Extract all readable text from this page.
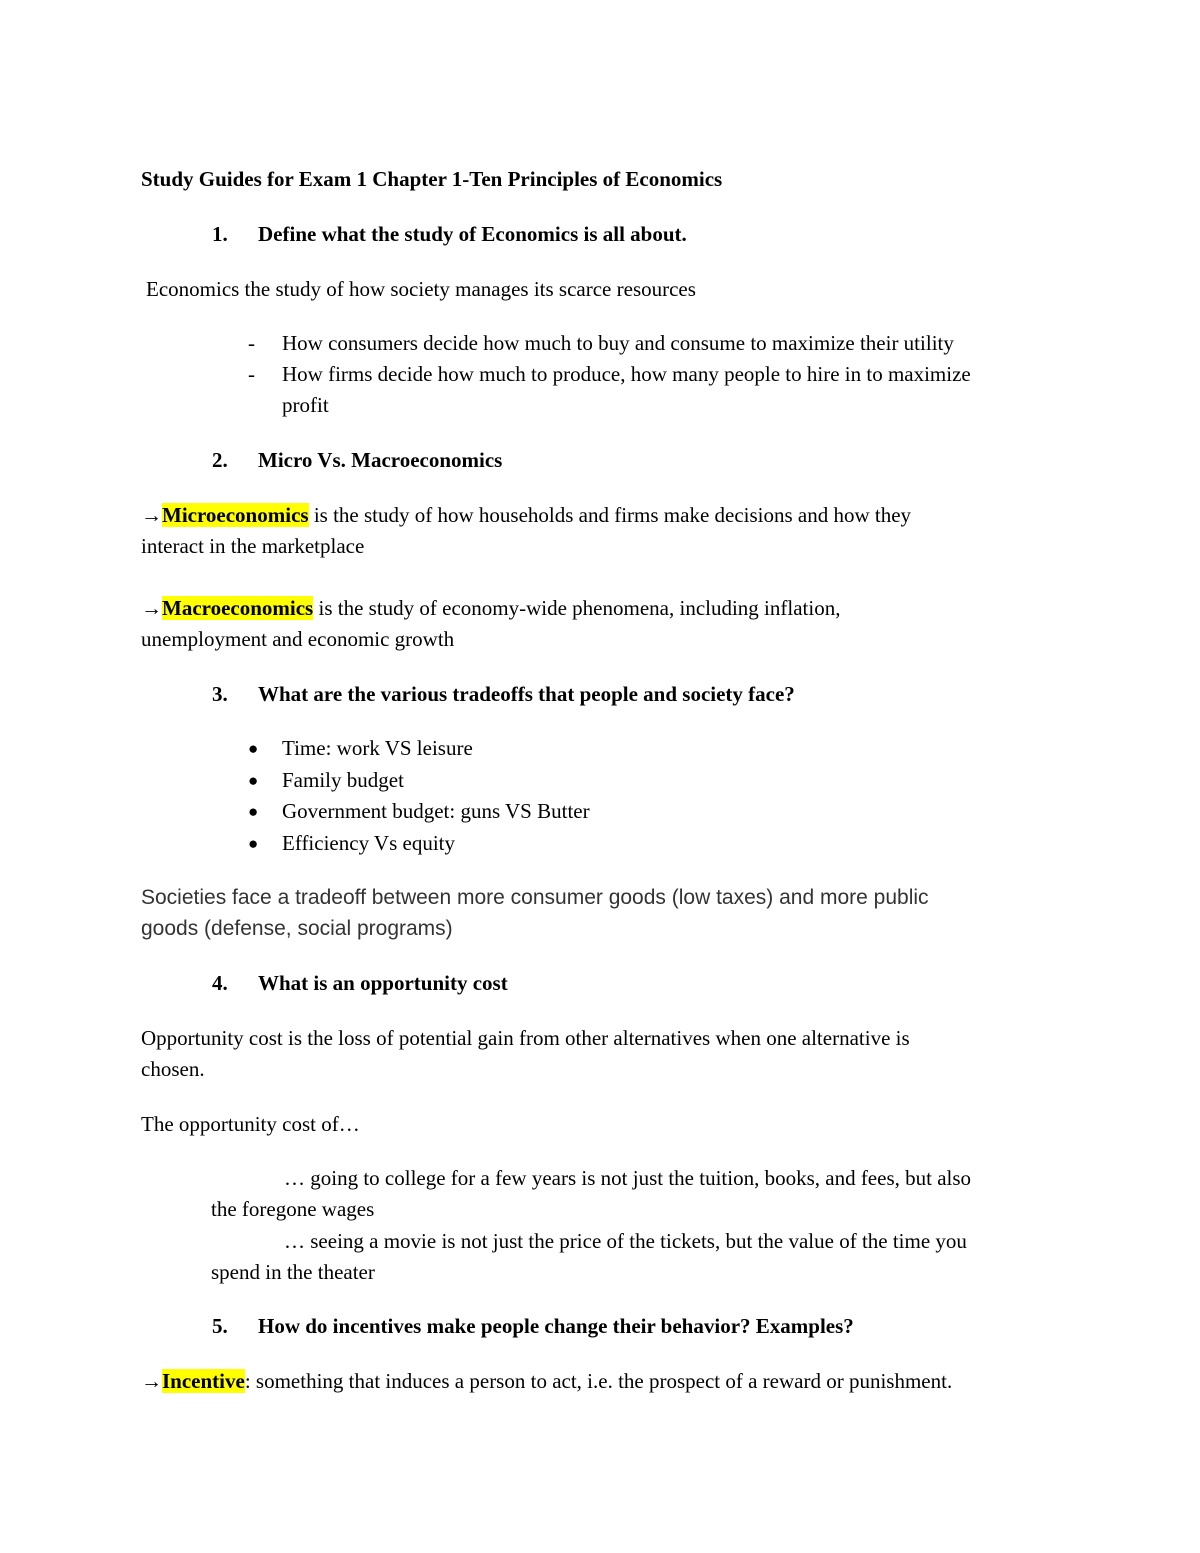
Study Guides for Exam 1 Chapter 1-Ten Principles of Economics
1. Define what the study of Economics is all about.
Economics the study of how society manages its scarce resources
- How consumers decide how much to buy and consume to maximize their utility
- How firms decide how much to produce, how many people to hire in to maximize
profit
2. Micro Vs. Macroeconomics
→Microeconomics is the study of how households and firms make decisions and how they
interact in the marketplace
→Macroeconomics is the study of economy-wide phenomena, including inflation,
unemployment and economic growth
3. What are the various tradeoffs that people and society face?
● Time: work VS leisure
● Family budget
● Government budget: guns VS Butter
● Efficiency Vs equity
Societies face a tradeoff between more consumer goods (low taxes) and more public
goods (defense, social programs)
4. What is an opportunity cost
Opportunity cost is the loss of potential gain from other alternatives when one alternative is
chosen.
The opportunity cost of…
… going to college for a few years is not just the tuition, books, and fees, but also
the foregone wages
… seeing a movie is not just the price of the tickets, but the value of the time you
spend in the theater
5. How do incentives make people change their behavior? Examples?
→Incentive: something that induces a person to act, i.e. the prospect of a reward or punishment.
